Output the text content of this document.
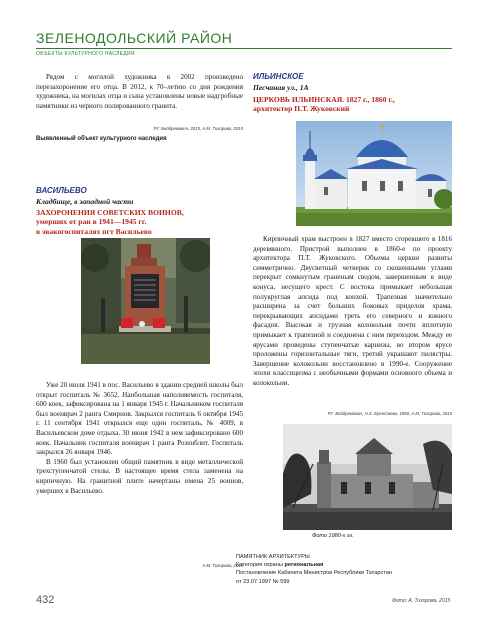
ЗЕЛЕНОДОЛЬСКИЙ РАЙОН
ОБЪЕКТЫ КУЛЬТУРНОГО НАСЛЕДИЯ

Рядом с могилой художника в 2002 произведено перезахоронение его отца. В 2012, к 70–летию со дня рождения художника, на могилах отца и сына установлены новые надгробные памятники из черного полированного гранита.

Р.Г. Бейдремович, 2015, А.М. Тихорова, 2015
Выявленный объект культурного наследия
ВАСИЛЬЕВО
Кладбище, в западной части
ЗАХОРОНЕНИЯ СОВЕТСКИХ ВОИНОВ,
умерших от ран в 1941—1945 гг.
в эвакогоспиталях пгт Васильево

Уже 20 июля 1941 в пос. Васильево в здании средней школы был открыт госпиталь № 3652. Наибольшая наполняемость госпиталя, 600 коек, зафиксирована на 1 января 1945 г. Начальником госпиталя был военврач 2 ранга Смирнов. Закрылся госпиталь 6 октября 1945 г. 11 сентября 1941 открылся еще один госпиталь, № 4009, в Васильевском доме отдыха. 30 июня 1942 в нем зафиксировано 600 коек. Начальник госпиталя военврач 1 ранга Розенблит. Госпиталь закрылся 26 января 1946.

В 1960 был установлен общий памятник в виде металлической трехступенчатой стелы. В настоящее время стела заменена на кирпичную. На гранитной плите начертаны имена 25 воинов, умерших в Васильево.

А.М. Тихорова, 2015
ИЛЬИНСКОЕ
Песчаная ул., 1А
ЦЕРКОВЬ ИЛЬИНСКАЯ. 1827 г., 1860 г.,
архитектор П.Т. Жуковский

Кирпичный храм выстроен в 1827 вместо сгоревшего в 1816 деревянного. Пристрой выполнен в 1860-е по проекту архитектора П.Т. Жуковского. Объемы церкви развиты симметрично. Двусветный четверик со скошенными углами перекрыт сомкнутым граненым сводом, завершенным в виде конуса, несущего крест. С востока примыкает небольшая полукруглая апсида под конхой. Трапезная значительно расширена за счет больших боковых приделов храма, перекрывающих апсидами треть его северного и южного фасадов. Высокая и грузная колокольня почти вплотную примыкает к трапезной и соединена с ним переходом. Между ее ярусами проведены ступенчатые карнизы, во втором ярусе проложены горизонтальные тяги, третий украшают пилястры. Завершение колокольни восстановлено в 1990-е. Сооружение эпохи классицизма с необычными формами основного объема и колокольни.

Р.Г. Бейдремович, Н.Х. Ерентаева, 1990, А.М. Тихорова, 2015
Фото 1980-х гг.
ПАМЯТНИК АРХИТЕКТУРЫ
Категория охраны региональная
Постановление Кабинета Министров Республики Татарстан
от 23.07.1997 № 599
432	Фото: А. Тихорова, 2015
